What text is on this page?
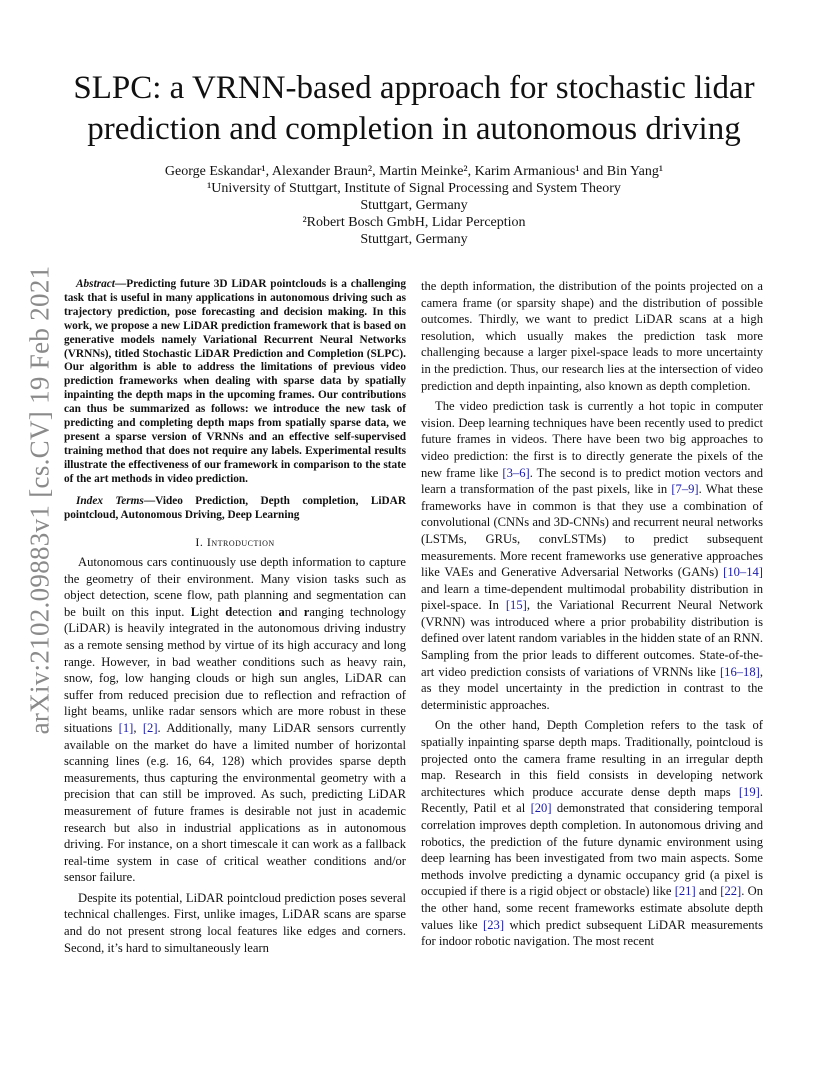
arXiv:2102.09883v1 [cs.CV] 19 Feb 2021
SLPC: a VRNN-based approach for stochastic lidar
prediction and completion in autonomous driving
George Eskandar¹, Alexander Braun², Martin Meinke², Karim Armanious¹ and Bin Yang¹
¹University of Stuttgart, Institute of Signal Processing and System Theory
Stuttgart, Germany
²Robert Bosch GmbH, Lidar Perception
Stuttgart, Germany

Abstract—Predicting future 3D LiDAR pointclouds is a challenging task that is useful in many applications in autonomous driving such as trajectory prediction, pose forecasting and decision making. In this work, we propose a new LiDAR prediction framework that is based on generative models namely Variational Recurrent Neural Networks (VRNNs), titled Stochastic LiDAR Prediction and Completion (SLPC). Our algorithm is able to address the limitations of previous video prediction frameworks when dealing with sparse data by spatially inpainting the depth maps in the upcoming frames. Our contributions can thus be summarized as follows: we introduce the new task of predicting and completing depth maps from spatially sparse data, we present a sparse version of VRNNs and an effective self-supervised training method that does not require any labels. Experimental results illustrate the effectiveness of our framework in comparison to the state of the art methods in video prediction.

Index Terms—Video Prediction, Depth completion, LiDAR pointcloud, Autonomous Driving, Deep Learning

I. Introduction

Autonomous cars continuously use depth information to capture the geometry of their environment. Many vision tasks such as object detection, scene flow, path planning and segmentation can be built on this input. Light detection and ranging technology (LiDAR) is heavily integrated in the autonomous driving industry as a remote sensing method by virtue of its high accuracy and long range. However, in bad weather conditions such as heavy rain, snow, fog, low hanging clouds or high sun angles, LiDAR can suffer from reduced precision due to reflection and refraction of light beams, unlike radar sensors which are more robust in these situations [1], [2]. Additionally, many LiDAR sensors currently available on the market do have a limited number of horizontal scanning lines (e.g. 16, 64, 128) which provides sparse depth measurements, thus capturing the environmental geometry with a precision that can still be improved. As such, predicting LiDAR measurement of future frames is desirable not just in academic research but also in industrial applications as in autonomous driving. For instance, on a short timescale it can work as a fallback real-time system in case of critical weather conditions and/or sensor failure.

Despite its potential, LiDAR pointcloud prediction poses several technical challenges. First, unlike images, LiDAR scans are sparse and do not present strong local features like edges and corners. Second, it’s hard to simultaneously learn

the depth information, the distribution of the points projected on a camera frame (or sparsity shape) and the distribution of possible outcomes. Thirdly, we want to predict LiDAR scans at a high resolution, which usually makes the prediction task more challenging because a larger pixel-space leads to more uncertainty in the prediction. Thus, our research lies at the intersection of video prediction and depth inpainting, also known as depth completion.

The video prediction task is currently a hot topic in computer vision. Deep learning techniques have been recently used to predict future frames in videos. There have been two big approaches to video prediction: the first is to directly generate the pixels of the new frame like [3–6]. The second is to predict motion vectors and learn a transformation of the past pixels, like in [7–9]. What these frameworks have in common is that they use a combination of convolutional (CNNs and 3D-CNNs) and recurrent neural networks (LSTMs, GRUs, convLSTMs) to predict subsequent measurements. More recent frameworks use generative approaches like VAEs and Generative Adversarial Networks (GANs) [10–14] and learn a time-dependent multimodal probability distribution in pixel-space. In [15], the Variational Recurrent Neural Network (VRNN) was introduced where a prior probability distribution is defined over latent random variables in the hidden state of an RNN. Sampling from the prior leads to different outcomes. State-of-the-art video prediction consists of variations of VRNNs like [16–18], as they model uncertainty in the prediction in contrast to the deterministic approaches.

On the other hand, Depth Completion refers to the task of spatially inpainting sparse depth maps. Traditionally, pointcloud is projected onto the camera frame resulting in an irregular depth map. Research in this field consists in developing network architectures which produce accurate dense depth maps [19]. Recently, Patil et al [20] demonstrated that considering temporal correlation improves depth completion. In autonomous driving and robotics, the prediction of the future dynamic environment using deep learning has been investigated from two main aspects. Some methods involve predicting a dynamic occupancy grid (a pixel is occupied if there is a rigid object or obstacle) like [21] and [22]. On the other hand, some recent frameworks estimate absolute depth values like [23] which predict subsequent LiDAR measurements for indoor robotic navigation. The most recent
